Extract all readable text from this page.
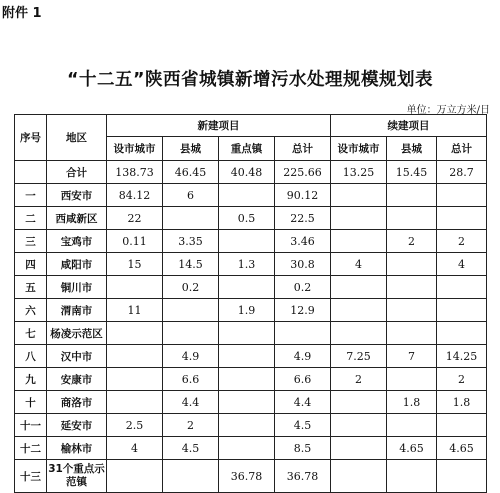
附件 1
“十二五”陕西省城镇新增污水处理规模规划表
单位：万立方米/日
序号	地区	新建项目				续建项目		
		设市城市	县城	重点镇	总计	设市城市	县城	总计
	合计	138.73	46.45	40.48	225.66	13.25	15.45	28.7
一	西安市	84.12	6		90.12			
二	西咸新区	22		0.5	22.5			
三	宝鸡市	0.11	3.35		3.46		2	2
四	咸阳市	15	14.5	1.3	30.8	4		4
五	铜川市		0.2		0.2			
六	渭南市	11		1.9	12.9			
七	杨凌示范区							
八	汉中市		4.9		4.9	7.25	7	14.25
九	安康市		6.6		6.6	2		2
十	商洛市		4.4		4.4		1.8	1.8
十一	延安市	2.5	2		4.5			
十二	榆林市	4	4.5		8.5		4.65	4.65
十三	31个重点示范镇			36.78	36.78			
